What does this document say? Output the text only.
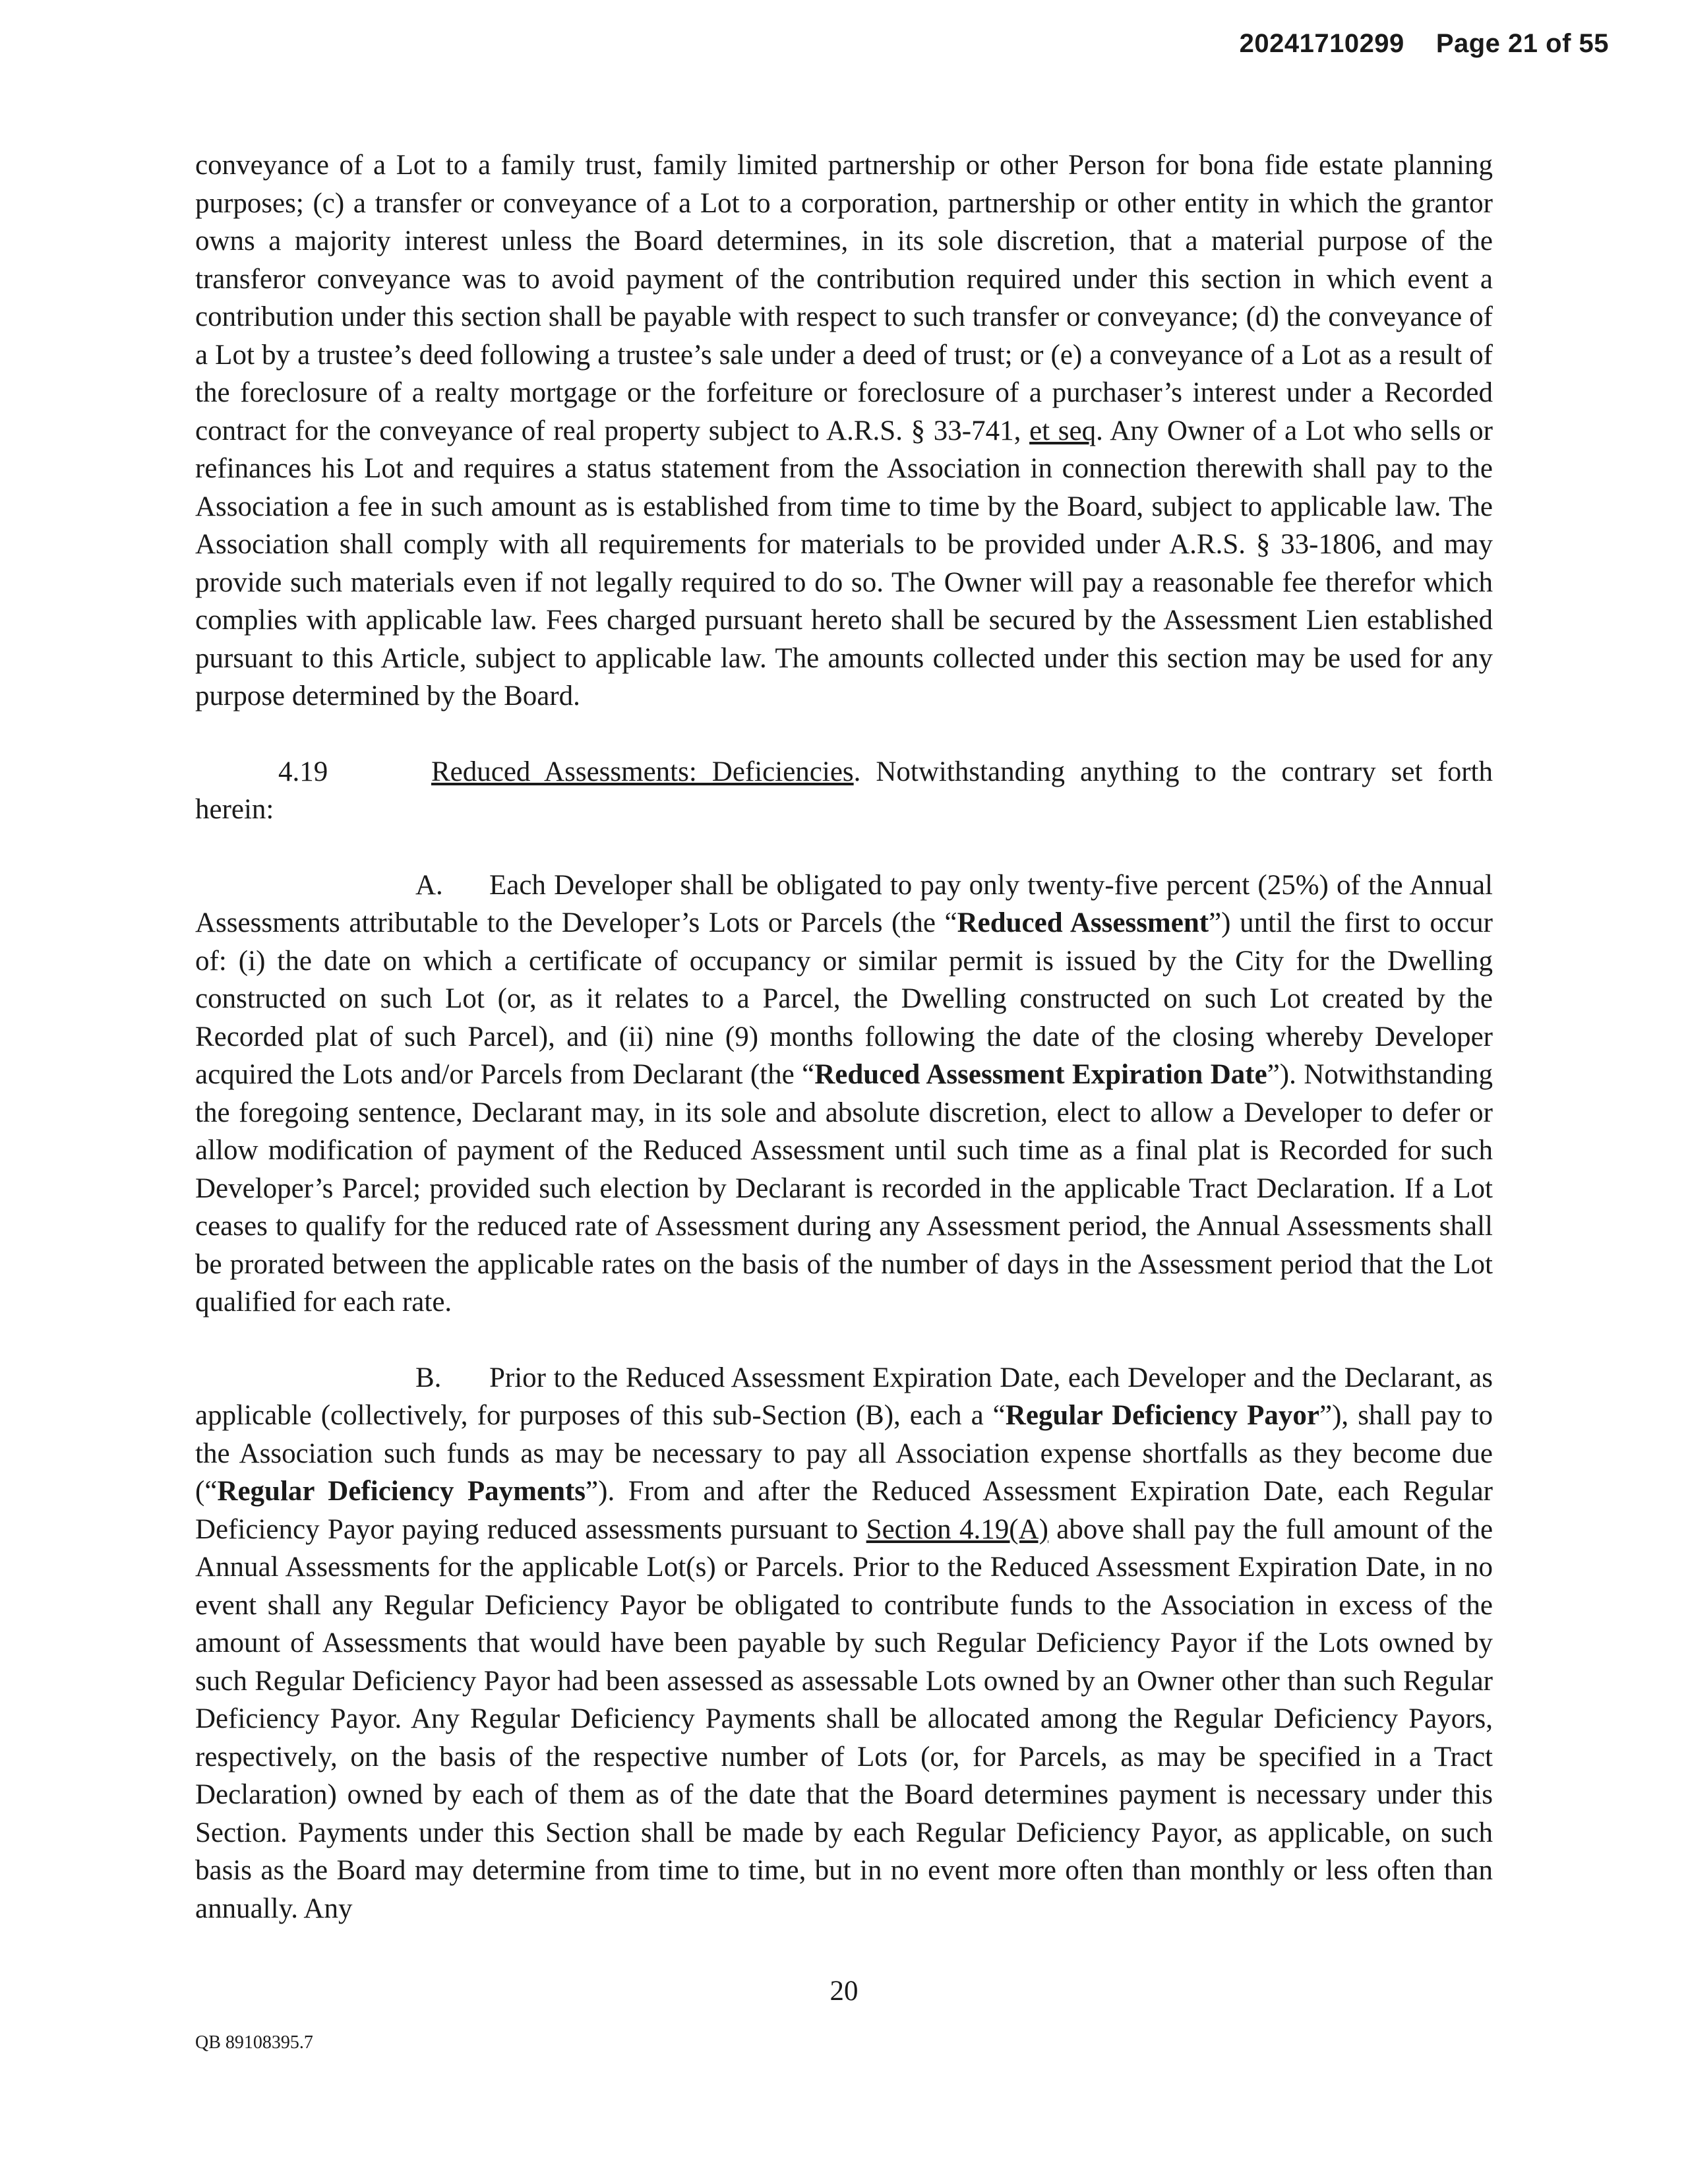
20241710299 Page 21 of 55

conveyance of a Lot to a family trust, family limited partnership or other Person for bona fide estate planning purposes; (c) a transfer or conveyance of a Lot to a corporation, partnership or other entity in which the grantor owns a majority interest unless the Board determines, in its sole discretion, that a material purpose of the transferor conveyance was to avoid payment of the contribution required under this section in which event a contribution under this section shall be payable with respect to such transfer or conveyance; (d) the conveyance of a Lot by a trustee’s deed following a trustee’s sale under a deed of trust; or (e) a conveyance of a Lot as a result of the foreclosure of a realty mortgage or the forfeiture or foreclosure of a purchaser’s interest under a Recorded contract for the conveyance of real property subject to A.R.S. § 33-741, et seq. Any Owner of a Lot who sells or refinances his Lot and requires a status statement from the Association in connection therewith shall pay to the Association a fee in such amount as is established from time to time by the Board, subject to applicable law. The Association shall comply with all requirements for materials to be provided under A.R.S. § 33-1806, and may provide such materials even if not legally required to do so. The Owner will pay a reasonable fee therefor which complies with applicable law. Fees charged pursuant hereto shall be secured by the Assessment Lien established pursuant to this Article, subject to applicable law. The amounts collected under this section may be used for any purpose determined by the Board.

4.19	Reduced Assessments: Deficiencies. Notwithstanding anything to the contrary set forth herein:

A. Each Developer shall be obligated to pay only twenty-five percent (25%) of the Annual Assessments attributable to the Developer’s Lots or Parcels (the “Reduced Assessment”) until the first to occur of: (i) the date on which a certificate of occupancy or similar permit is issued by the City for the Dwelling constructed on such Lot (or, as it relates to a Parcel, the Dwelling constructed on such Lot created by the Recorded plat of such Parcel), and (ii) nine (9) months following the date of the closing whereby Developer acquired the Lots and/or Parcels from Declarant (the “Reduced Assessment Expiration Date”). Notwithstanding the foregoing sentence, Declarant may, in its sole and absolute discretion, elect to allow a Developer to defer or allow modification of payment of the Reduced Assessment until such time as a final plat is Recorded for such Developer’s Parcel; provided such election by Declarant is recorded in the applicable Tract Declaration. If a Lot ceases to qualify for the reduced rate of Assessment during any Assessment period, the Annual Assessments shall be prorated between the applicable rates on the basis of the number of days in the Assessment period that the Lot qualified for each rate.

B. Prior to the Reduced Assessment Expiration Date, each Developer and the Declarant, as applicable (collectively, for purposes of this sub-Section (B), each a “Regular Deficiency Payor”), shall pay to the Association such funds as may be necessary to pay all Association expense shortfalls as they become due (“Regular Deficiency Payments”). From and after the Reduced Assessment Expiration Date, each Regular Deficiency Payor paying reduced assessments pursuant to Section 4.19(A) above shall pay the full amount of the Annual Assessments for the applicable Lot(s) or Parcels. Prior to the Reduced Assessment Expiration Date, in no event shall any Regular Deficiency Payor be obligated to contribute funds to the Association in excess of the amount of Assessments that would have been payable by such Regular Deficiency Payor if the Lots owned by such Regular Deficiency Payor had been assessed as assessable Lots owned by an Owner other than such Regular Deficiency Payor. Any Regular Deficiency Payments shall be allocated among the Regular Deficiency Payors, respectively, on the basis of the respective number of Lots (or, for Parcels, as may be specified in a Tract Declaration) owned by each of them as of the date that the Board determines payment is necessary under this Section. Payments under this Section shall be made by each Regular Deficiency Payor, as applicable, on such basis as the Board may determine from time to time, but in no event more often than monthly or less often than annually. Any

20
QB 89108395.7
